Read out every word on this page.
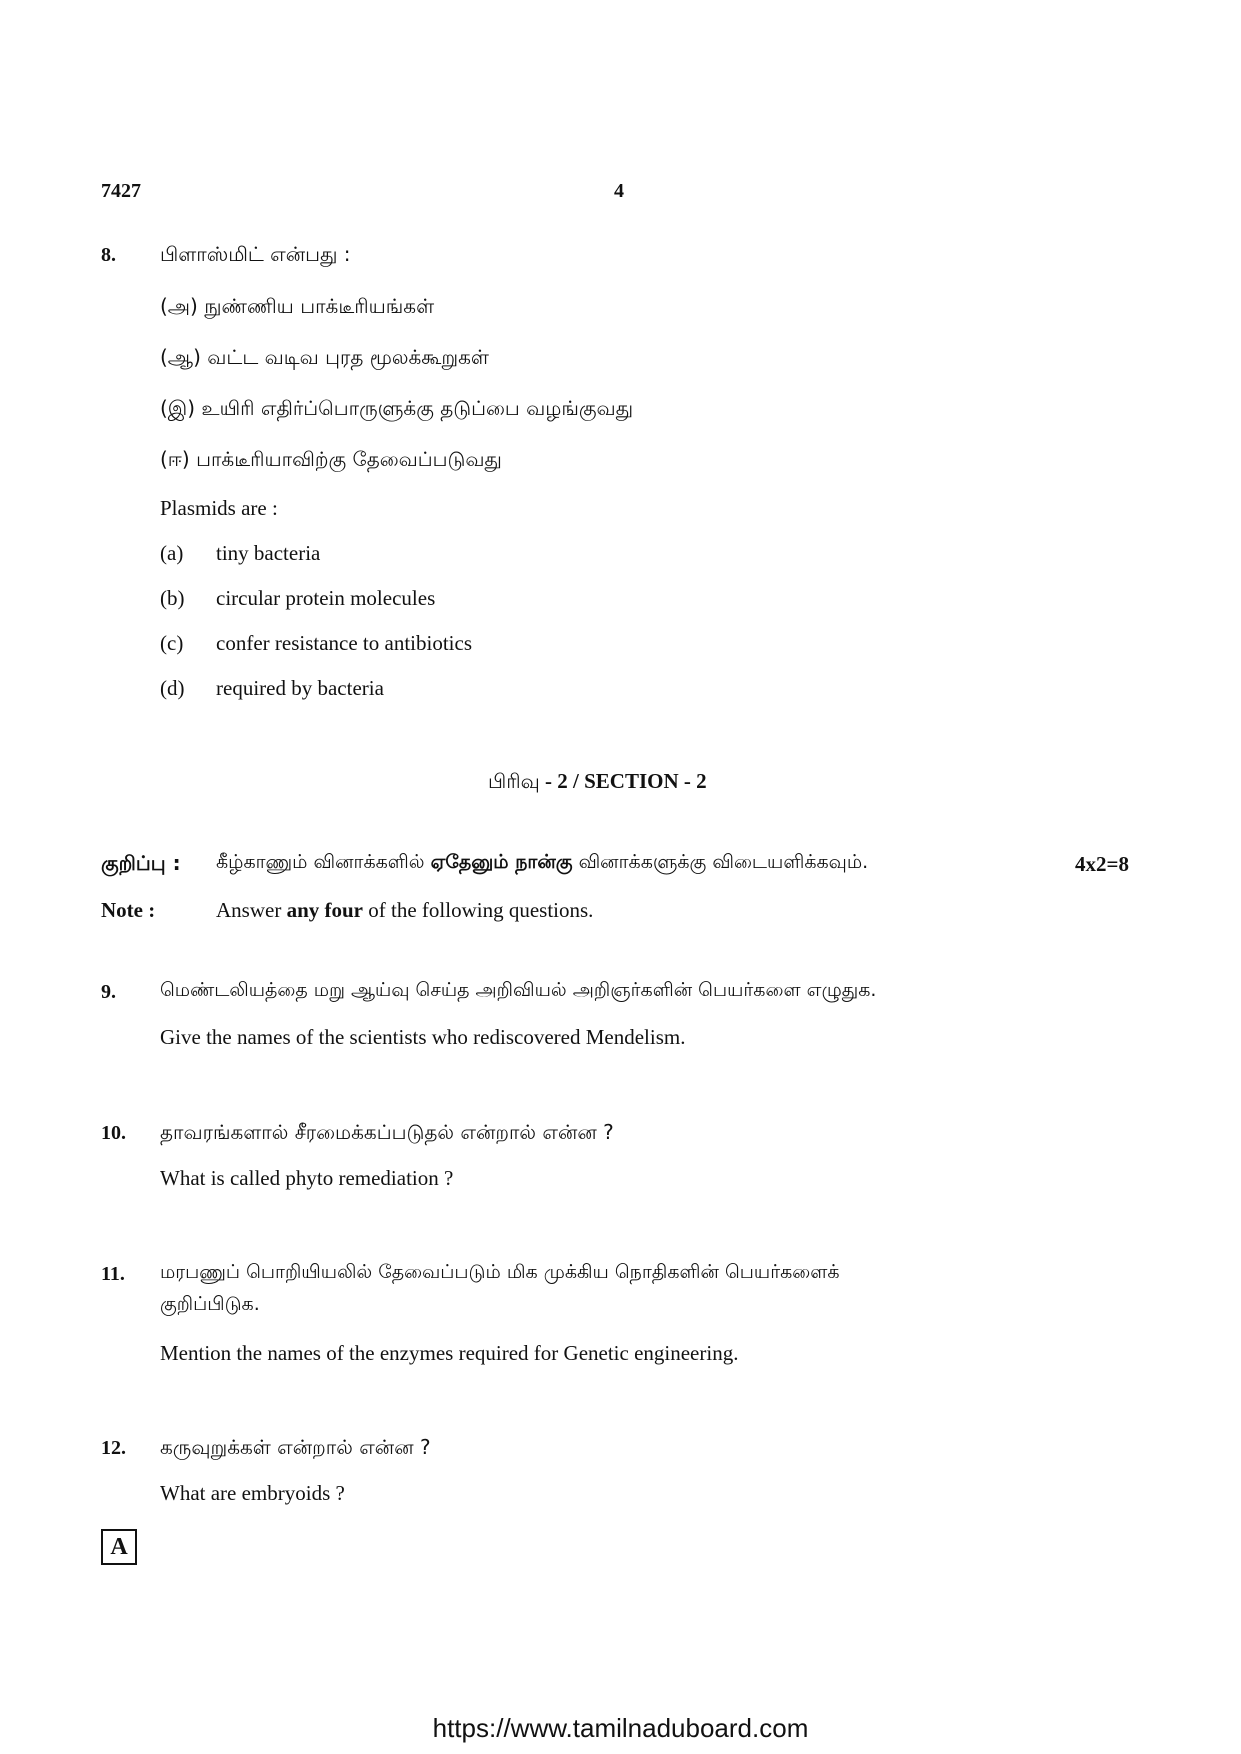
7427	4
8. பிளாஸ்மிட் என்பது :
(அ) நுண்ணிய பாக்டீரியங்கள்
(ஆ) வட்ட வடிவ புரத மூலக்கூறுகள்
(இ) உயிரி எதிர்ப்பொருளுக்கு தடுப்பை வழங்குவது
(ஈ) பாக்டீரியாவிற்கு தேவைப்படுவது
Plasmids are :
(a) tiny bacteria
(b) circular protein molecules
(c) confer resistance to antibiotics
(d) required by bacteria
பிரிவு - 2 / SECTION - 2
குறிப்பு : கீழ்காணும் வினாக்களில் ஏதேனும் நான்கு வினாக்களுக்கு விடையளிக்கவும்.	4x2=8
Note :	Answer any four of the following questions.
9. மெண்டலியத்தை மறு ஆய்வு செய்த அறிவியல் அறிஞர்களின் பெயர்களை எழுதுக.
Give the names of the scientists who rediscovered Mendelism.
10. தாவரங்களால் சீரமைக்கப்படுதல் என்றால் என்ன ?
What is called phyto remediation ?
11. மரபணுப் பொறியியலில் தேவைப்படும் மிக முக்கிய நொதிகளின் பெயர்களைக்
குறிப்பிடுக.
Mention the names of the enzymes required for Genetic engineering.
12. கருவுறுக்கள் என்றால் என்ன ?
What are embryoids ?
A
https://www.tamilnaduboard.com
